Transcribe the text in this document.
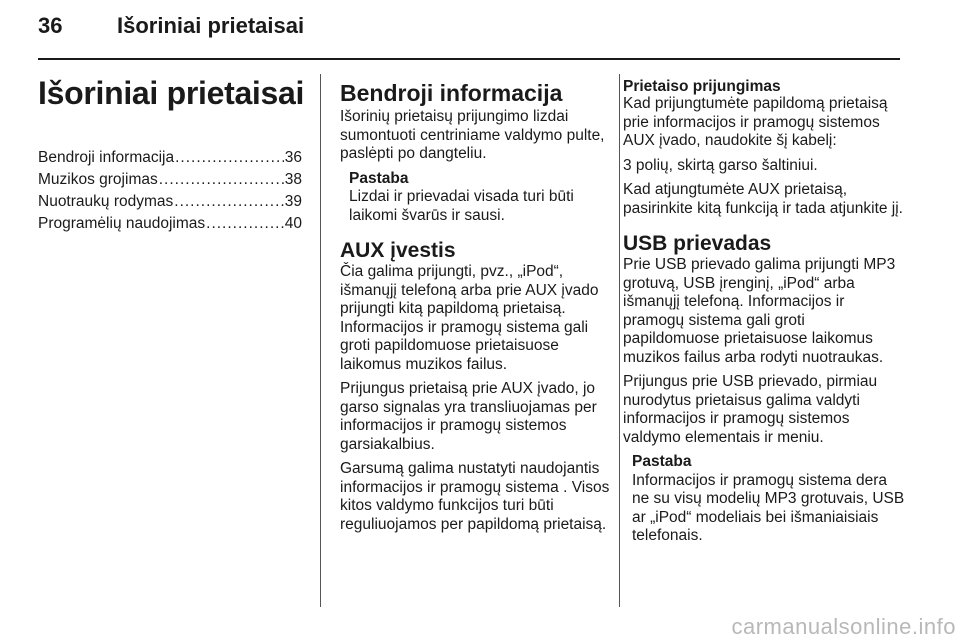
36 Išoriniai prietaisai
Išoriniai prietaisai
Bendroji informacija .....	36
Muzikos grojimas .....	38
Nuotraukų rodymas .....	39
Programėlių naudojimas .....	40
Bendroji informacija

Išorinių prietaisų prijungimo lizdai sumontuoti centriniame valdymo pulte, paslėpti po dangteliu.

Pastaba
Lizdai ir prievadai visada turi būti laikomi švarūs ir sausi.
AUX įvestis

Čia galima prijungti, pvz., „iPod“, išmanųjį telefoną arba prie AUX įvado prijungti kitą papildomą prietaisą. Informacijos ir pramogų sistema gali groti papildomuose prietaisuose laikomus muzikos failus.

Prijungus prietaisą prie AUX įvado, jo garso signalas yra transliuojamas per informacijos ir pramogų sistemos garsiakalbius.

Garsumą galima nustatyti naudojantis informacijos ir pramogų sistema . Visos kitos valdymo funkcijos turi būti reguliuojamos per papildomą prietaisą.

Prietaiso prijungimas

Kad prijungtumėte papildomą prietaisą prie informacijos ir pramogų sistemos AUX įvado, naudokite šį kabelį:

3 polių, skirtą garso šaltiniui.

Kad atjungtumėte AUX prietaisą, pasirinkite kitą funkciją ir tada atjunkite jį.

USB prievadas

Prie USB prievado galima prijungti MP3 grotuvą, USB įrenginį, „iPod“ arba išmanųjį telefoną. Informacijos ir pramogų sistema gali groti papildomuose prietaisuose laikomus muzikos failus arba rodyti nuotraukas.

Prijungus prie USB prievado, pirmiau nurodytus prietaisus galima valdyti informacijos ir pramogų sistemos valdymo elementais ir meniu.

Pastaba
Informacijos ir pramogų sistema dera ne su visų modelių MP3 grotuvais, USB ar „iPod“ modeliais bei išmaniaisiais telefonais.
carmanualsonline.info
